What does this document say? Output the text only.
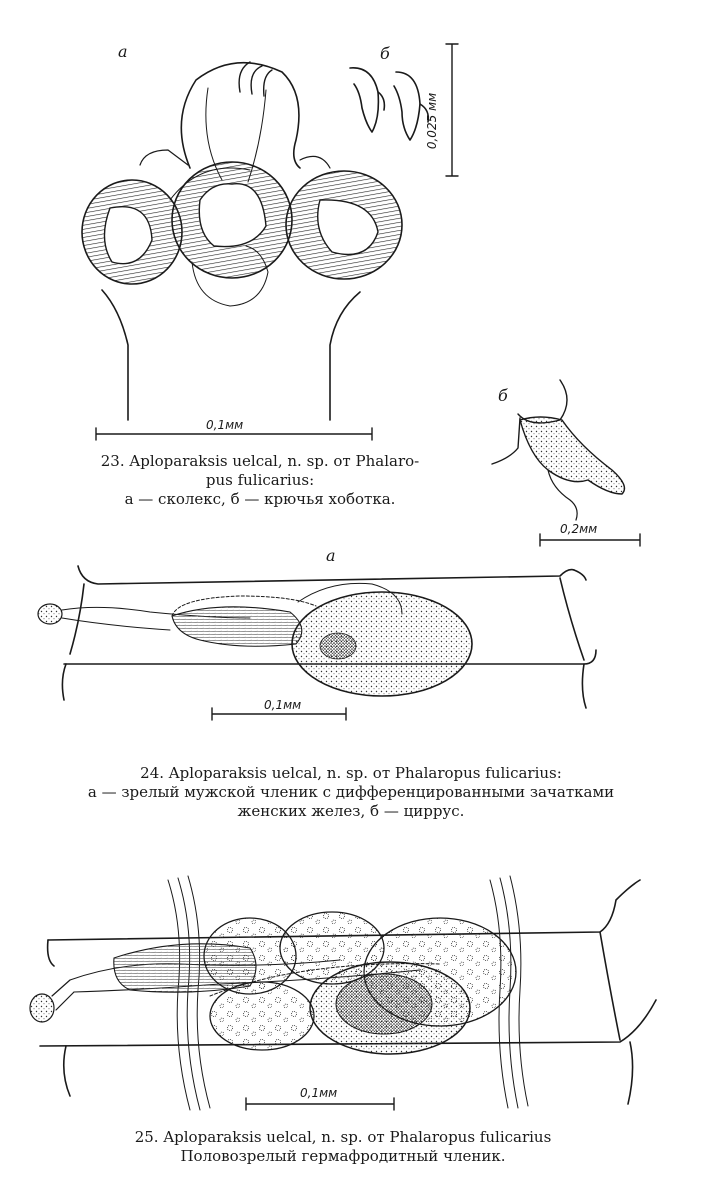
а	б
0,025 мм
0,1мм
б
0,2мм
23. Aploparaksis uelcal, n. sp. от Phalaro-
pus fulicarius:
а — сколекс, б — крючья хоботка.
а
0,1мм
24. Aploparaksis uelcal, n. sp. от Phalaropus fulicarius:
а — зрелый мужской членик с дифференцированными зачатками
женских желез, б — циррус.
0,1мм
25. Aploparaksis uelcal, n. sp. от Phalaropus fulicarius
Половозрелый гермафродитный членик.
